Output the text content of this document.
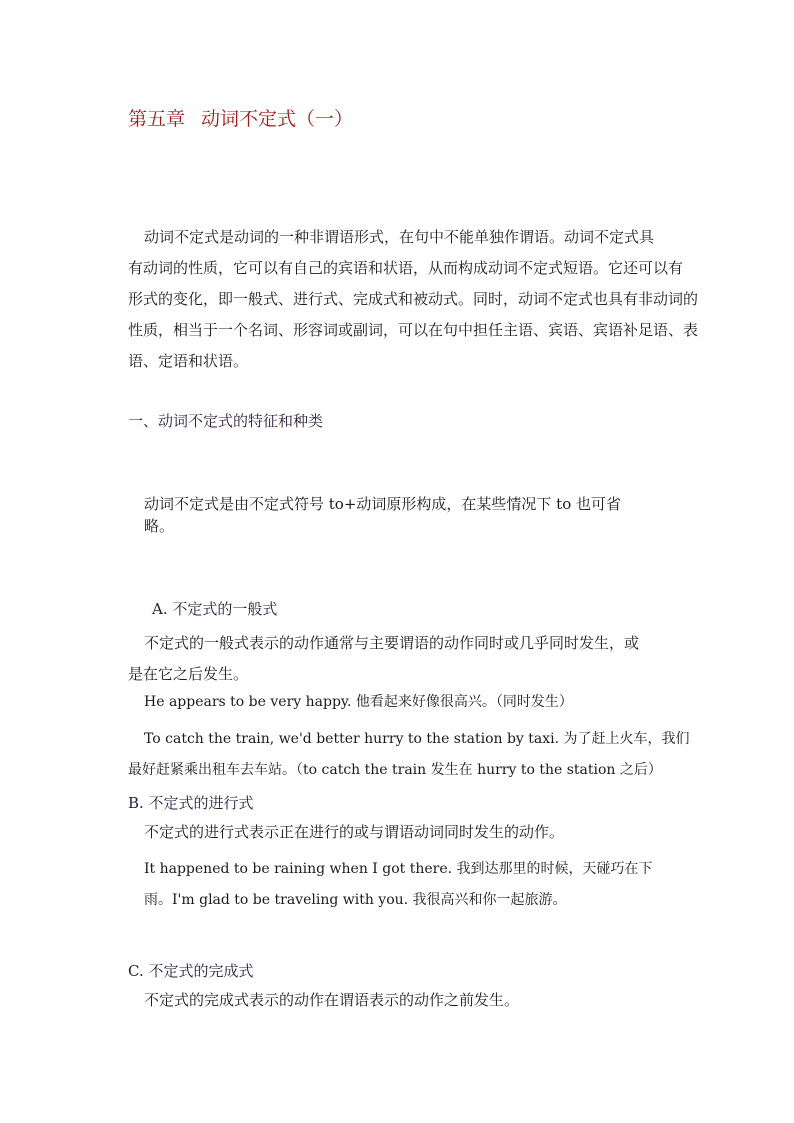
第五章 动词不定式（一）
动词不定式是动词的一种非谓语形式，在句中不能单独作谓语。动词不定式具
有动词的性质，它可以有自己的宾语和状语，从而构成动词不定式短语。它还可以有
形式的变化，即一般式、进行式、完成式和被动式。同时，动词不定式也具有非动词的
性质，相当于一个名词、形容词或副词，可以在句中担任主语、宾语、宾语补足语、表
语、定语和状语。
一、动词不定式的特征和种类
动词不定式是由不定式符号 to+动词原形构成，在某些情况下 to 也可省
略。
A. 不定式的一般式
不定式的一般式表示的动作通常与主要谓语的动作同时或几乎同时发生，或
是在它之后发生。
He appears to be very happy. 他看起来好像很高兴。（同时发生）
To catch the train, we'd better hurry to the station by taxi. 为了赶上火车，我们
最好赶紧乘出租车去车站。（to catch the train 发生在 hurry to the station 之后）
B. 不定式的进行式
不定式的进行式表示正在进行的或与谓语动词同时发生的动作。
It happened to be raining when I got there. 我到达那里的时候，天碰巧在下
雨。I'm glad to be traveling with you. 我很高兴和你一起旅游。
C. 不定式的完成式
不定式的完成式表示的动作在谓语表示的动作之前发生。
